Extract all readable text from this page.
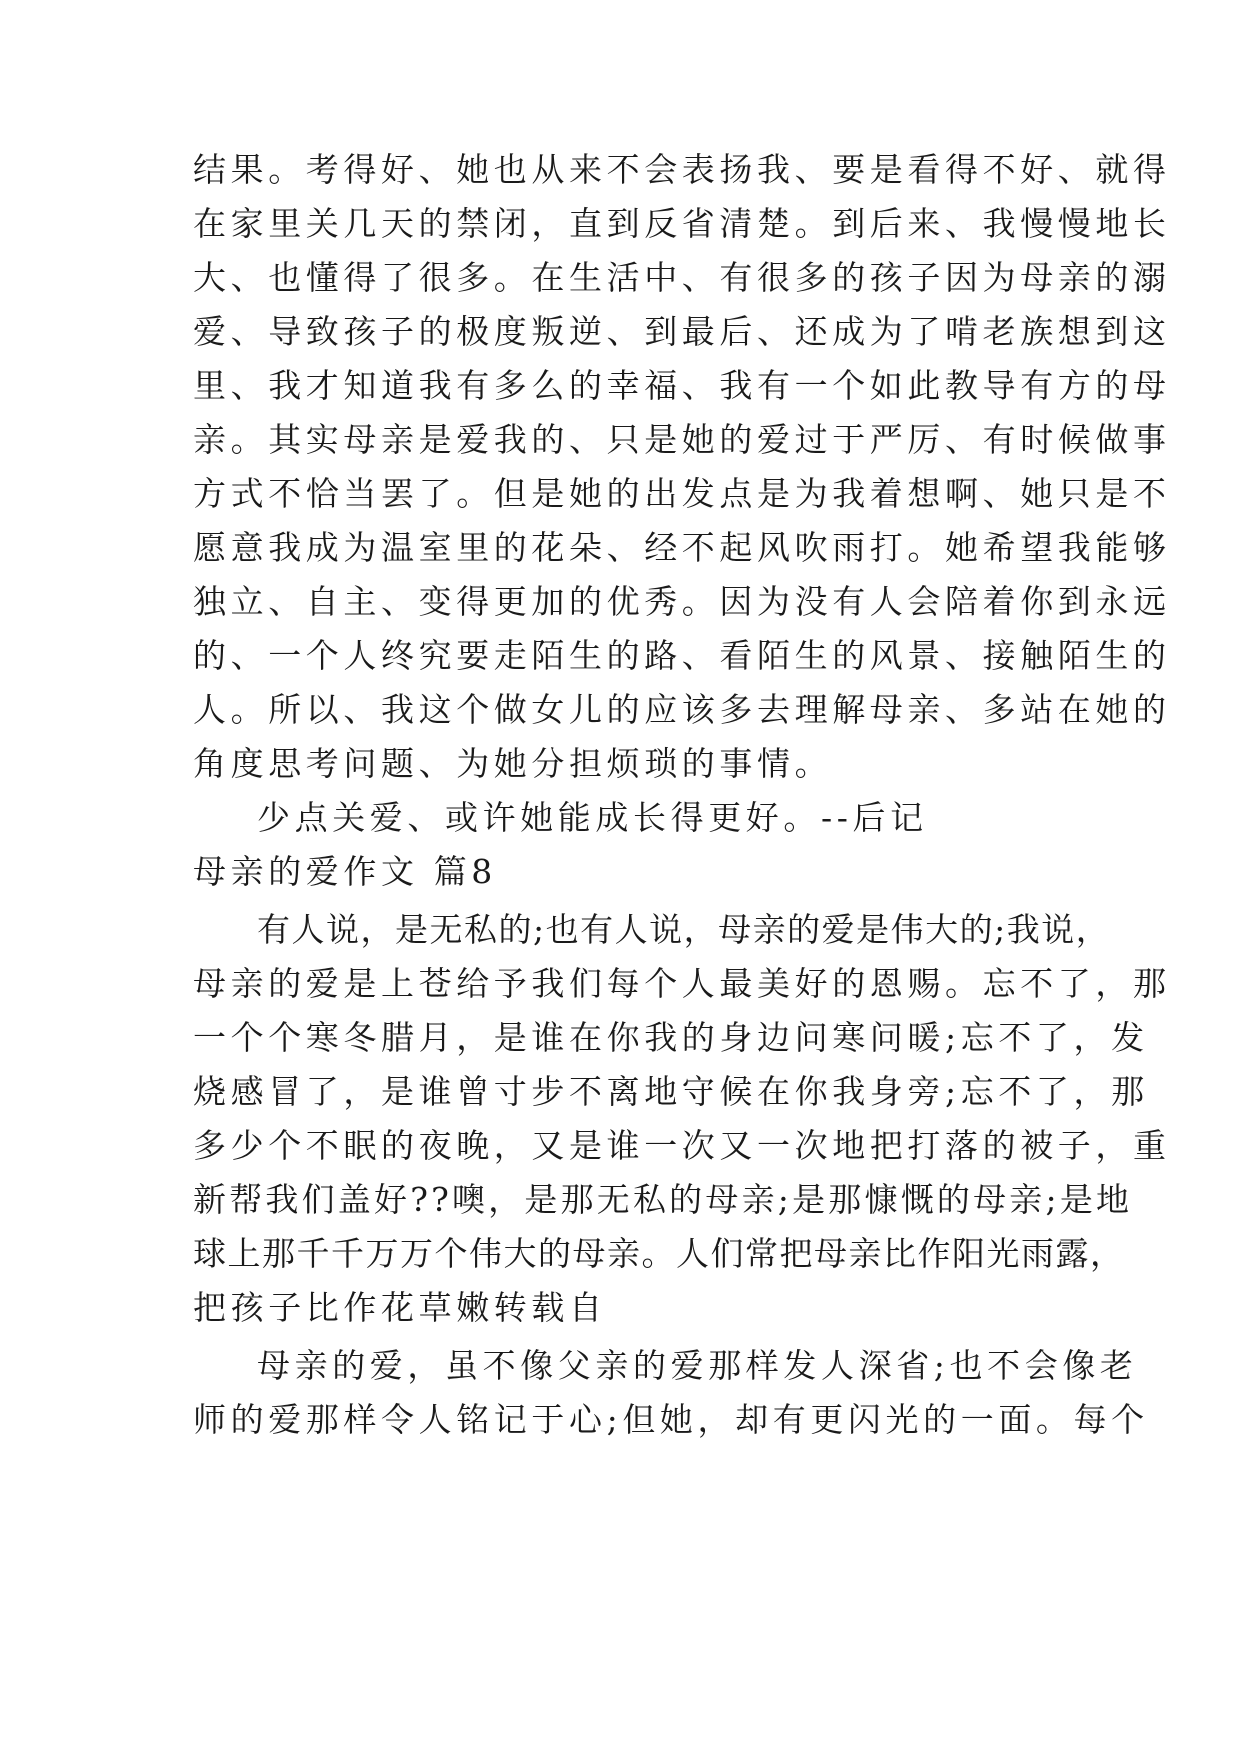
结果。考得好、她也从来不会表扬我、要是看得不好、就得
在家里关几天的禁闭，直到反省清楚。到后来、我慢慢地长
大、也懂得了很多。在生活中、有很多的孩子因为母亲的溺
爱、导致孩子的极度叛逆、到最后、还成为了啃老族想到这
里、我才知道我有多么的幸福、我有一个如此教导有方的母
亲。其实母亲是爱我的、只是她的爱过于严厉、有时候做事
方式不恰当罢了。但是她的出发点是为我着想啊、她只是不
愿意我成为温室里的花朵、经不起风吹雨打。她希望我能够
独立、自主、变得更加的优秀。因为没有人会陪着你到永远
的、一个人终究要走陌生的路、看陌生的风景、接触陌生的
人。所以、我这个做女儿的应该多去理解母亲、多站在她的
角度思考问题、为她分担烦琐的事情。
少点关爱、或许她能成长得更好。--后记
母亲的爱作文 篇8
有人说，是无私的;也有人说，母亲的爱是伟大的;我说，
母亲的爱是上苍给予我们每个人最美好的恩赐。忘不了，那
一个个寒冬腊月，是谁在你我的身边问寒问暖;忘不了，发
烧感冒了，是谁曾寸步不离地守候在你我身旁;忘不了，那
多少个不眠的夜晚，又是谁一次又一次地把打落的被子，重
新帮我们盖好??噢，是那无私的母亲;是那慷慨的母亲;是地
球上那千千万万个伟大的母亲。人们常把母亲比作阳光雨露，
把孩子比作花草嫩转载自
母亲的爱，虽不像父亲的爱那样发人深省;也不会像老
师的爱那样令人铭记于心;但她，却有更闪光的一面。每个
